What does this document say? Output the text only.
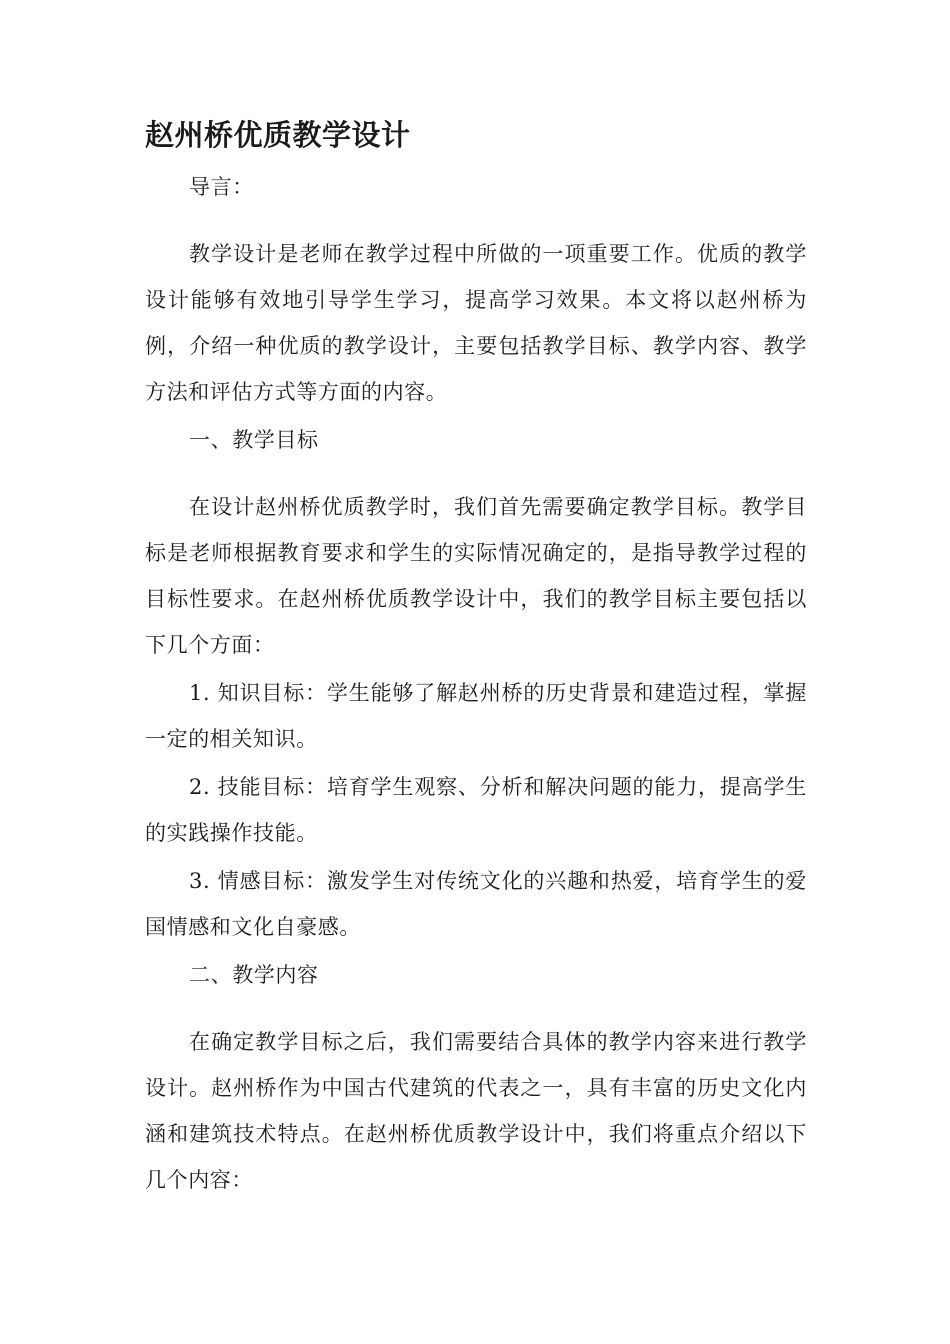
赵州桥优质教学设计

导言：

教学设计是老师在教学过程中所做的一项重要工作。优质的教学设计能够有效地引导学生学习，提高学习效果。本文将以赵州桥为例，介绍一种优质的教学设计，主要包括教学目标、教学内容、教学方法和评估方式等方面的内容。

一、教学目标

在设计赵州桥优质教学时，我们首先需要确定教学目标。教学目标是老师根据教育要求和学生的实际情况确定的，是指导教学过程的目标性要求。在赵州桥优质教学设计中，我们的教学目标主要包括以下几个方面：

1. 知识目标：学生能够了解赵州桥的历史背景和建造过程，掌握一定的相关知识。

2. 技能目标：培育学生观察、分析和解决问题的能力，提高学生的实践操作技能。

3. 情感目标：激发学生对传统文化的兴趣和热爱，培育学生的爱国情感和文化自豪感。

二、教学内容

在确定教学目标之后，我们需要结合具体的教学内容来进行教学设计。赵州桥作为中国古代建筑的代表之一，具有丰富的历史文化内涵和建筑技术特点。在赵州桥优质教学设计中，我们将重点介绍以下几个内容：
